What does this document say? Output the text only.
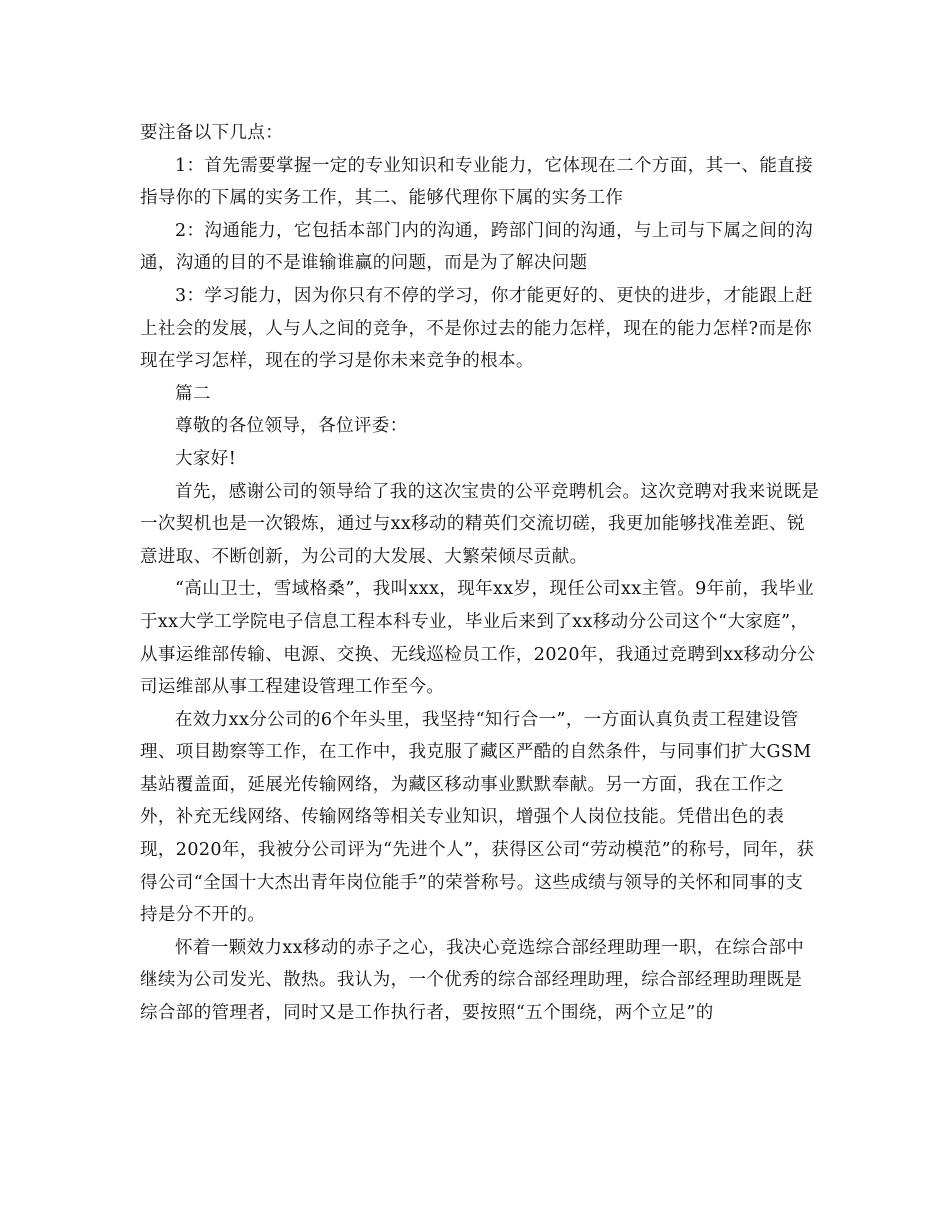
要注备以下几点：

1：首先需要掌握一定的专业知识和专业能力，它体现在二个方面，其一、能直接指导你的下属的实务工作，其二、能够代理你下属的实务工作

2：沟通能力，它包括本部门内的沟通，跨部门间的沟通，与上司与下属之间的沟通，沟通的目的不是谁输谁赢的问题，而是为了解决问题

3：学习能力，因为你只有不停的学习，你才能更好的、更快的进步，才能跟上赶上社会的发展，人与人之间的竞争，不是你过去的能力怎样，现在的能力怎样?而是你现在学习怎样，现在的学习是你未来竞争的根本。

篇二

尊敬的各位领导，各位评委：

大家好!

首先，感谢公司的领导给了我的这次宝贵的公平竞聘机会。这次竞聘对我来说既是一次契机也是一次锻炼，通过与xx移动的精英们交流切磋，我更加能够找准差距、锐意进取、不断创新，为公司的大发展、大繁荣倾尽贡献。

“高山卫士，雪域格桑”，我叫xxx，现年xx岁，现任公司xx主管。9年前，我毕业于xx大学工学院电子信息工程本科专业，毕业后来到了xx移动分公司这个“大家庭”，从事运维部传输、电源、交换、无线巡检员工作，2020年，我通过竞聘到xx移动分公司运维部从事工程建设管理工作至今。

在效力xx分公司的6个年头里，我坚持“知行合一”，一方面认真负责工程建设管理、项目勘察等工作，在工作中，我克服了藏区严酷的自然条件，与同事们扩大GSM基站覆盖面，延展光传输网络，为藏区移动事业默默奉献。另一方面，我在工作之外，补充无线网络、传输网络等相关专业知识，增强个人岗位技能。凭借出色的表现，2020年，我被分公司评为“先进个人”，获得区公司“劳动模范”的称号，同年，获得公司“全国十大杰出青年岗位能手”的荣誉称号。这些成绩与领导的关怀和同事的支持是分不开的。

怀着一颗效力xx移动的赤子之心，我决心竞选综合部经理助理一职，在综合部中继续为公司发光、散热。我认为，一个优秀的综合部经理助理，综合部经理助理既是综合部的管理者，同时又是工作执行者，要按照“五个围绕，两个立足”的
